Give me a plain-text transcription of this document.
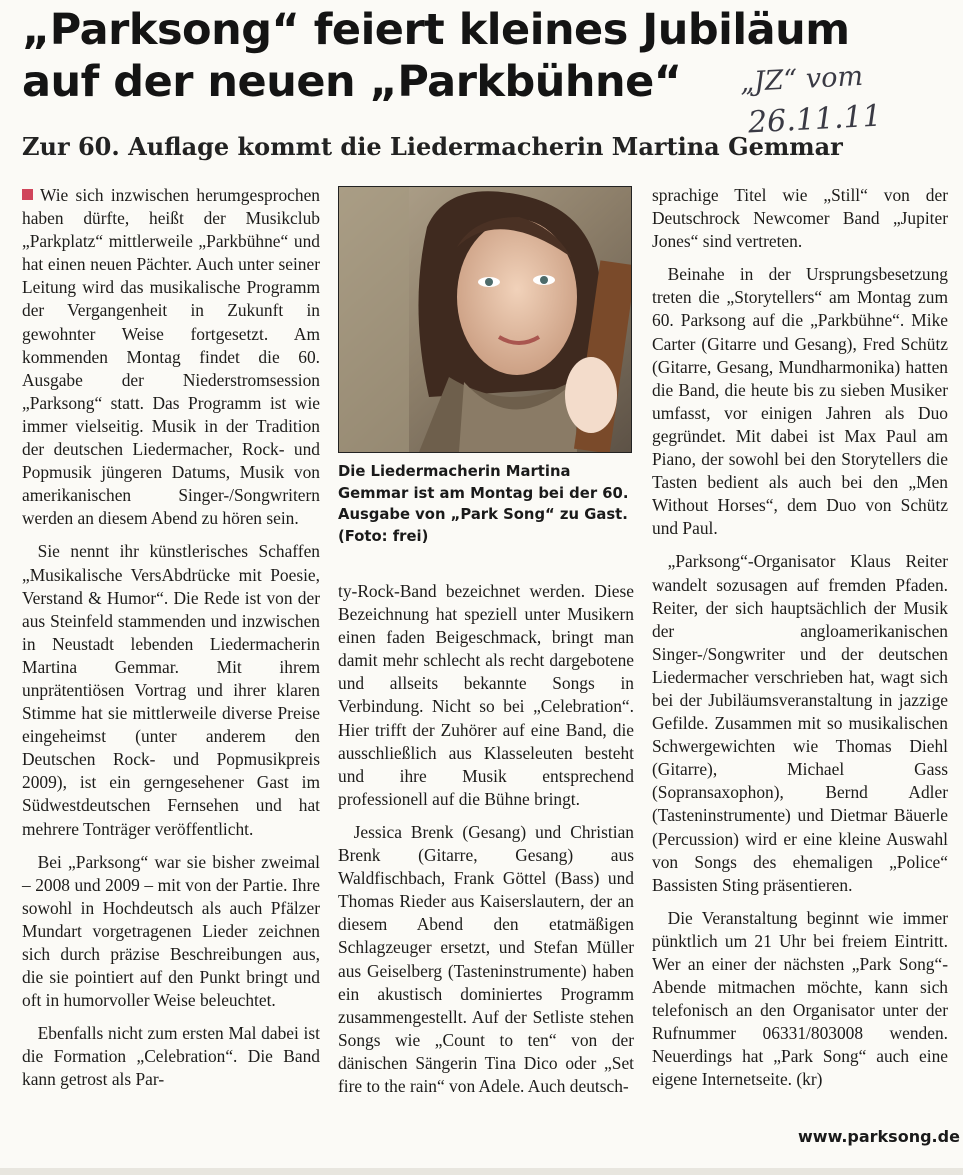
„Parksong“ feiert kleines Jubiläum
auf der neuen „Parkbühne“	„JZ“ vom
26.11.11
Zur 60. Auflage kommt die Liedermacherin Martina Gemmar

Wie sich inzwischen herumgesprochen haben dürfte, heißt der Musikclub „Parkplatz“ mittlerweile „Parkbühne“ und hat einen neuen Pächter. Auch unter seiner Leitung wird das musikalische Programm der Vergangenheit in Zukunft in gewohnter Weise fortgesetzt. Am kommenden Montag findet die 60. Ausgabe der Niederstromsession „Parksong“ statt. Das Programm ist wie immer vielseitig. Musik in der Tradition der deutschen Liedermacher, Rock- und Popmusik jüngeren Datums, Musik von amerikanischen Singer-/Songwritern werden an diesem Abend zu hören sein.

Sie nennt ihr künstlerisches Schaffen „Musikalische VersAbdrücke mit Poesie, Verstand & Humor“. Die Rede ist von der aus Steinfeld stammenden und inzwischen in Neustadt lebenden Liedermacherin Martina Gemmar. Mit ihrem unprätentiösen Vortrag und ihrer klaren Stimme hat sie mittlerweile diverse Preise eingeheimst (unter anderem den Deutschen Rock- und Popmusikpreis 2009), ist ein gerngesehener Gast im Südwestdeutschen Fernsehen und hat mehrere Tonträger veröffentlicht.

Bei „Parksong“ war sie bisher zweimal – 2008 und 2009 – mit von der Partie. Ihre sowohl in Hochdeutsch als auch Pfälzer Mundart vorgetragenen Lieder zeichnen sich durch präzise Beschreibungen aus, die sie pointiert auf den Punkt bringt und oft in humorvoller Weise beleuchtet.

Ebenfalls nicht zum ersten Mal dabei ist die Formation „Celebration“. Die Band kann getrost als Par-

Die Liedermacherin Martina Gemmar ist am Montag bei der 60. Ausgabe von „Park Song“ zu Gast. (Foto: frei)

ty-Rock-Band bezeichnet werden. Diese Bezeichnung hat speziell unter Musikern einen faden Beigeschmack, bringt man damit mehr schlecht als recht dargebotene und allseits bekannte Songs in Verbindung. Nicht so bei „Celebration“. Hier trifft der Zuhörer auf eine Band, die ausschließlich aus Klasseleuten besteht und ihre Musik entsprechend professionell auf die Bühne bringt.

Jessica Brenk (Gesang) und Christian Brenk (Gitarre, Gesang) aus Waldfischbach, Frank Göttel (Bass) und Thomas Rieder aus Kaiserslautern, der an diesem Abend den etatmäßigen Schlagzeuger ersetzt, und Stefan Müller aus Geiselberg (Tasteninstrumente) haben ein akustisch dominiertes Programm zusammengestellt. Auf der Setliste stehen Songs wie „Count to ten“ von der dänischen Sängerin Tina Dico oder „Set fire to the rain“ von Adele. Auch deutsch-

sprachige Titel wie „Still“ von der Deutschrock Newcomer Band „Jupiter Jones“ sind vertreten.

Beinahe in der Ursprungsbesetzung treten die „Storytellers“ am Montag zum 60. Parksong auf die „Parkbühne“. Mike Carter (Gitarre und Gesang), Fred Schütz (Gitarre, Gesang, Mundharmonika) hatten die Band, die heute bis zu sieben Musiker umfasst, vor einigen Jahren als Duo gegründet. Mit dabei ist Max Paul am Piano, der sowohl bei den Storytellers die Tasten bedient als auch bei den „Men Without Horses“, dem Duo von Schütz und Paul.

„Parksong“-Organisator Klaus Reiter wandelt sozusagen auf fremden Pfaden. Reiter, der sich hauptsächlich der Musik der angloamerikanischen Singer-/Songwriter und der deutschen Liedermacher verschrieben hat, wagt sich bei der Jubiläumsveranstaltung in jazzige Gefilde. Zusammen mit so musikalischen Schwergewichten wie Thomas Diehl (Gitarre), Michael Gass (Sopransaxophon), Bernd Adler (Tasteninstrumente) und Dietmar Bäuerle (Percussion) wird er eine kleine Auswahl von Songs des ehemaligen „Police“ Bassisten Sting präsentieren.

Die Veranstaltung beginnt wie immer pünktlich um 21 Uhr bei freiem Eintritt. Wer an einer der nächsten „Park Song“-Abende mitmachen möchte, kann sich telefonisch an den Organisator unter der Rufnummer 06331/803008 wenden. Neuerdings hat „Park Song“ auch eine eigene Internetseite. (kr)

www.parksong.de
